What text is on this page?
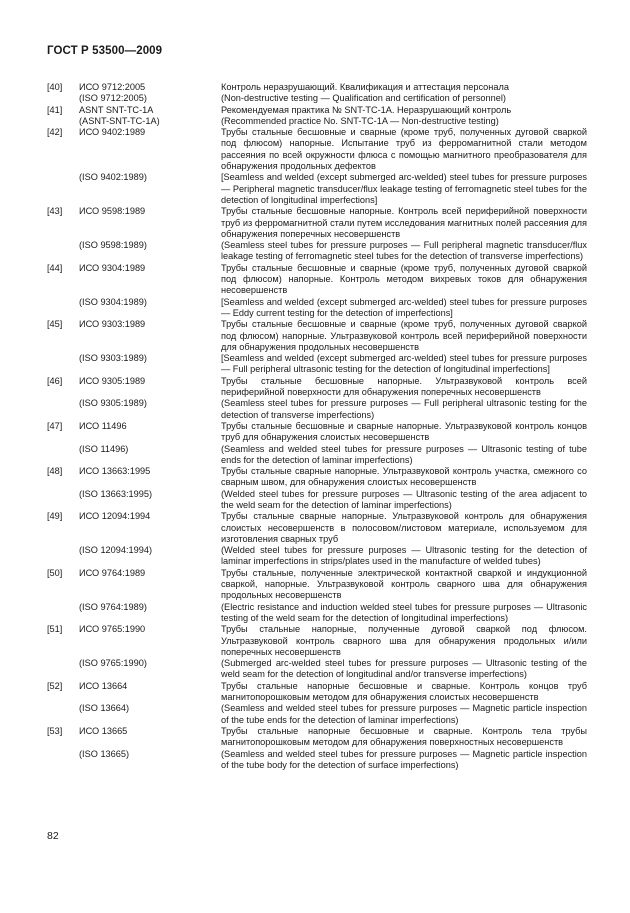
ГОСТ Р 53500—2009
[40]	ИСО 9712:2005	Контроль неразрушающий. Квалификация и аттестация персонала
(ISO 9712:2005)	(Non-destructive testing — Qualification and certification of personnel)
[41]	ASNT SNT-TC-1A	Рекомендуемая практика № SNT-TC-1A. Неразрушающий контроль
(ASNT-SNT-TC-1A)	(Recommended practice No. SNT-TC-1A — Non-destructive testing)
[42]	ИСО 9402:1989	Трубы стальные бесшовные и сварные (кроме труб, полученных дуговой сваркой под флюсом) напорные. Испытание труб из ферромагнитной стали методом рассеяния по всей окружности флюса с помощью магнитного преобразователя для обнаружения продольных дефектов
(ISO 9402:1989)	[Seamless and welded (except submerged arc-welded) steel tubes for pressure purposes — Peripheral magnetic transducer/flux leakage testing of ferromagnetic steel tubes for the detection of longitudinal imperfections]
[43]	ИСО 9598:1989	Трубы стальные бесшовные напорные. Контроль всей периферийной поверхности труб из ферромагнитной стали путем исследования магнитных полей рассеяния для обнаружения поперечных несовершенств
(ISO 9598:1989)	(Seamless steel tubes for pressure purposes — Full peripheral magnetic transducer/flux leakage testing of ferromagnetic steel tubes for the detection of transverse imperfections)
[44]	ИСО 9304:1989	Трубы стальные бесшовные и сварные (кроме труб, полученных дуговой сваркой под флюсом) напорные. Контроль методом вихревых токов для обнаружения несовершенств
(ISO 9304:1989)	[Seamless and welded (except submerged arc-welded) steel tubes for pressure purposes — Eddy current testing for the detection of imperfections]
[45]	ИСО 9303:1989	Трубы стальные бесшовные и сварные (кроме труб, полученных дуговой сваркой под флюсом) напорные. Ультразвуковой контроль всей периферийной поверхности для обнаружения продольных несовершенств
(ISO 9303:1989)	[Seamless and welded (except submerged arc-welded) steel tubes for pressure purposes — Full peripheral ultrasonic testing for the detection of longitudinal imperfections]
[46]	ИСО 9305:1989	Трубы стальные бесшовные напорные. Ультразвуковой контроль всей периферийной поверхности для обнаружения поперечных несовершенств
(ISO 9305:1989)	(Seamless steel tubes for pressure purposes — Full peripheral ultrasonic testing for the detection of transverse imperfections)
[47]	ИСО 11496	Трубы стальные бесшовные и сварные напорные. Ультразвуковой контроль концов труб для обнаружения слоистых несовершенств
(ISO 11496)	(Seamless and welded steel tubes for pressure purposes — Ultrasonic testing of tube ends for the detection of laminar imperfections)
[48]	ИСО 13663:1995	Трубы стальные сварные напорные. Ультразвуковой контроль участка, смежного со сварным швом, для обнаружения слоистых несовершенств
(ISO 13663:1995)	(Welded steel tubes for pressure purposes — Ultrasonic testing of the area adjacent to the weld seam for the detection of laminar imperfections)
[49]	ИСО 12094:1994	Трубы стальные сварные напорные. Ультразвуковой контроль для обнаружения слоистых несовершенств в полосовом/листовом материале, используемом для изготовления сварных труб
(ISO 12094:1994)	(Welded steel tubes for pressure purposes — Ultrasonic testing for the detection of laminar imperfections in strips/plates used in the manufacture of welded tubes)
[50]	ИСО 9764:1989	Трубы стальные, полученные электрической контактной сваркой и индукционной сваркой, напорные. Ультразвуковой контроль сварного шва для обнаружения продольных несовершенств
(ISO 9764:1989)	(Electric resistance and induction welded steel tubes for pressure purposes — Ultrasonic testing of the weld seam for the detection of longitudinal imperfections)
[51]	ИСО 9765:1990	Трубы стальные напорные, полученные дуговой сваркой под флюсом. Ультразвуковой контроль сварного шва для обнаружения продольных и/или поперечных несовершенств
(ISO 9765:1990)	(Submerged arc-welded steel tubes for pressure purposes — Ultrasonic testing of the weld seam for the detection of longitudinal and/or transverse imperfections)
[52]	ИСО 13664	Трубы стальные напорные бесшовные и сварные. Контроль концов труб магнитопорошковым методом для обнаружения слоистых несовершенств
(ISO 13664)	(Seamless and welded steel tubes for pressure purposes — Magnetic particle inspection of the tube ends for the detection of laminar imperfections)
[53]	ИСО 13665	Трубы стальные напорные бесшовные и сварные. Контроль тела трубы магнитопорошковым методом для обнаружения поверхностных несовершенств
(ISO 13665)	(Seamless and welded steel tubes for pressure purposes — Magnetic particle inspection of the tube body for the detection of surface imperfections)
82
